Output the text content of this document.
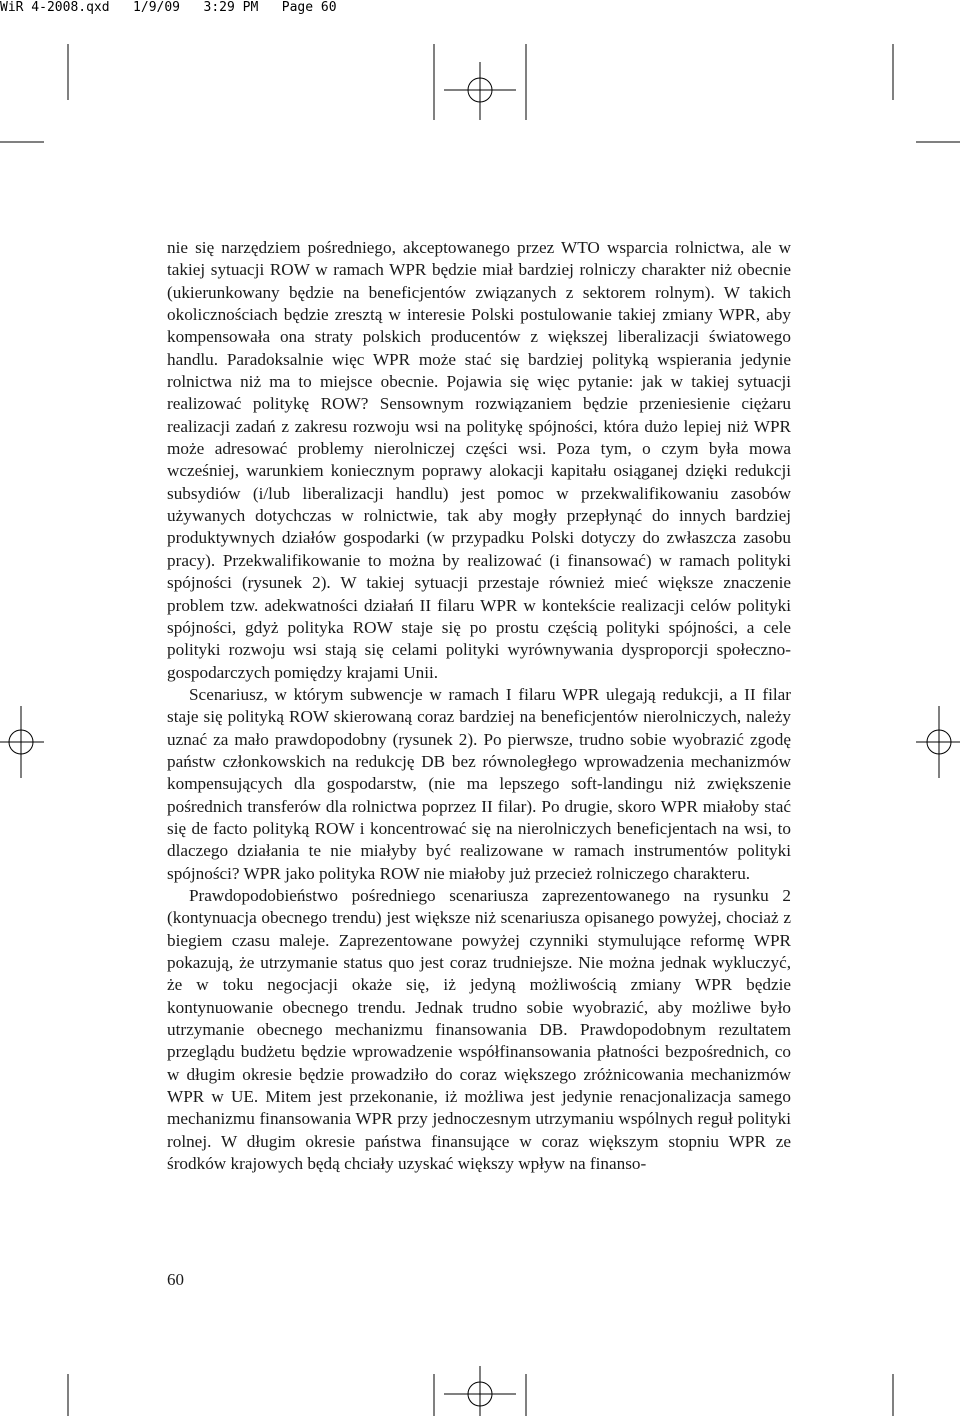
WiR 4-2008.qxd   1/9/09   3:29 PM   Page 60

nie się narzędziem pośredniego, akceptowanego przez WTO wsparcia rolnictwa, ale w takiej sytuacji ROW w ramach WPR będzie miał bardziej rolniczy charakter niż obecnie (ukierunkowany będzie na beneficjentów związanych z sektorem rolnym). W takich okolicznościach będzie zresztą w interesie Polski postulowanie takiej zmiany WPR, aby kompensowała ona straty polskich producentów z większej liberalizacji światowego handlu. Paradoksalnie więc WPR może stać się bardziej polityką wspierania jedynie rolnictwa niż ma to miejsce obecnie. Pojawia się więc pytanie: jak w takiej sytuacji realizować politykę ROW? Sensownym rozwiązaniem będzie przeniesienie ciężaru realizacji zadań z zakresu rozwoju wsi na politykę spójności, która dużo lepiej niż WPR może adresować problemy nierolniczej części wsi. Poza tym, o czym była mowa wcześniej, warunkiem koniecznym poprawy alokacji kapitału osiąganej dzięki redukcji subsydiów (i/lub liberalizacji handlu) jest pomoc w przekwalifikowaniu zasobów używanych dotychczas w rolnictwie, tak aby mogły przepłynąć do innych bardziej produktywnych działów gospodarki (w przypadku Polski dotyczy do zwłaszcza zasobu pracy). Przekwalifikowanie to można by realizować (i finansować) w ramach polityki spójności (rysunek 2). W takiej sytuacji przestaje również mieć większe znaczenie problem tzw. adekwatności działań II filaru WPR w kontekście realizacji celów polityki spójności, gdyż polityka ROW staje się po prostu częścią polityki spójności, a cele polityki rozwoju wsi stają się celami polityki wyrównywania dysproporcji społeczno-gospodarczych pomiędzy krajami Unii.

Scenariusz, w którym subwencje w ramach I filaru WPR ulegają redukcji, a II filar staje się polityką ROW skierowaną coraz bardziej na beneficjentów nierolniczych, należy uznać za mało prawdopodobny (rysunek 2). Po pierwsze, trudno sobie wyobrazić zgodę państw członkowskich na redukcję DB bez równoległego wprowadzenia mechanizmów kompensujących dla gospodarstw, (nie ma lepszego soft-landingu niż zwiększenie pośrednich transferów dla rolnictwa poprzez II filar). Po drugie, skoro WPR miałoby stać się de facto polityką ROW i koncentrować się na nierolniczych beneficjentach na wsi, to dlaczego działania te nie miałyby być realizowane w ramach instrumentów polityki spójności? WPR jako polityka ROW nie miałoby już przecież rolniczego charakteru.

Prawdopodobieństwo pośredniego scenariusza zaprezentowanego na rysunku 2 (kontynuacja obecnego trendu) jest większe niż scenariusza opisanego powyżej, chociaż z biegiem czasu maleje. Zaprezentowane powyżej czynniki stymulujące reformę WPR pokazują, że utrzymanie status quo jest coraz trudniejsze. Nie można jednak wykluczyć, że w toku negocjacji okaże się, iż jedyną możliwością zmiany WPR będzie kontynuowanie obecnego trendu. Jednak trudno sobie wyobrazić, aby możliwe było utrzymanie obecnego mechanizmu finansowania DB. Prawdopodobnym rezultatem przeglądu budżetu będzie wprowadzenie współfinansowania płatności bezpośrednich, co w długim okresie będzie prowadziło do coraz większego zróżnicowania mechanizmów WPR w UE. Mitem jest przekonanie, iż możliwa jest jedynie renacjonalizacja samego mechanizmu finansowania WPR przy jednoczesnym utrzymaniu wspólnych reguł polityki rolnej. W długim okresie państwa finansujące w coraz większym stopniu WPR ze środków krajowych będą chciały uzyskać większy wpływ na finanso-

60
